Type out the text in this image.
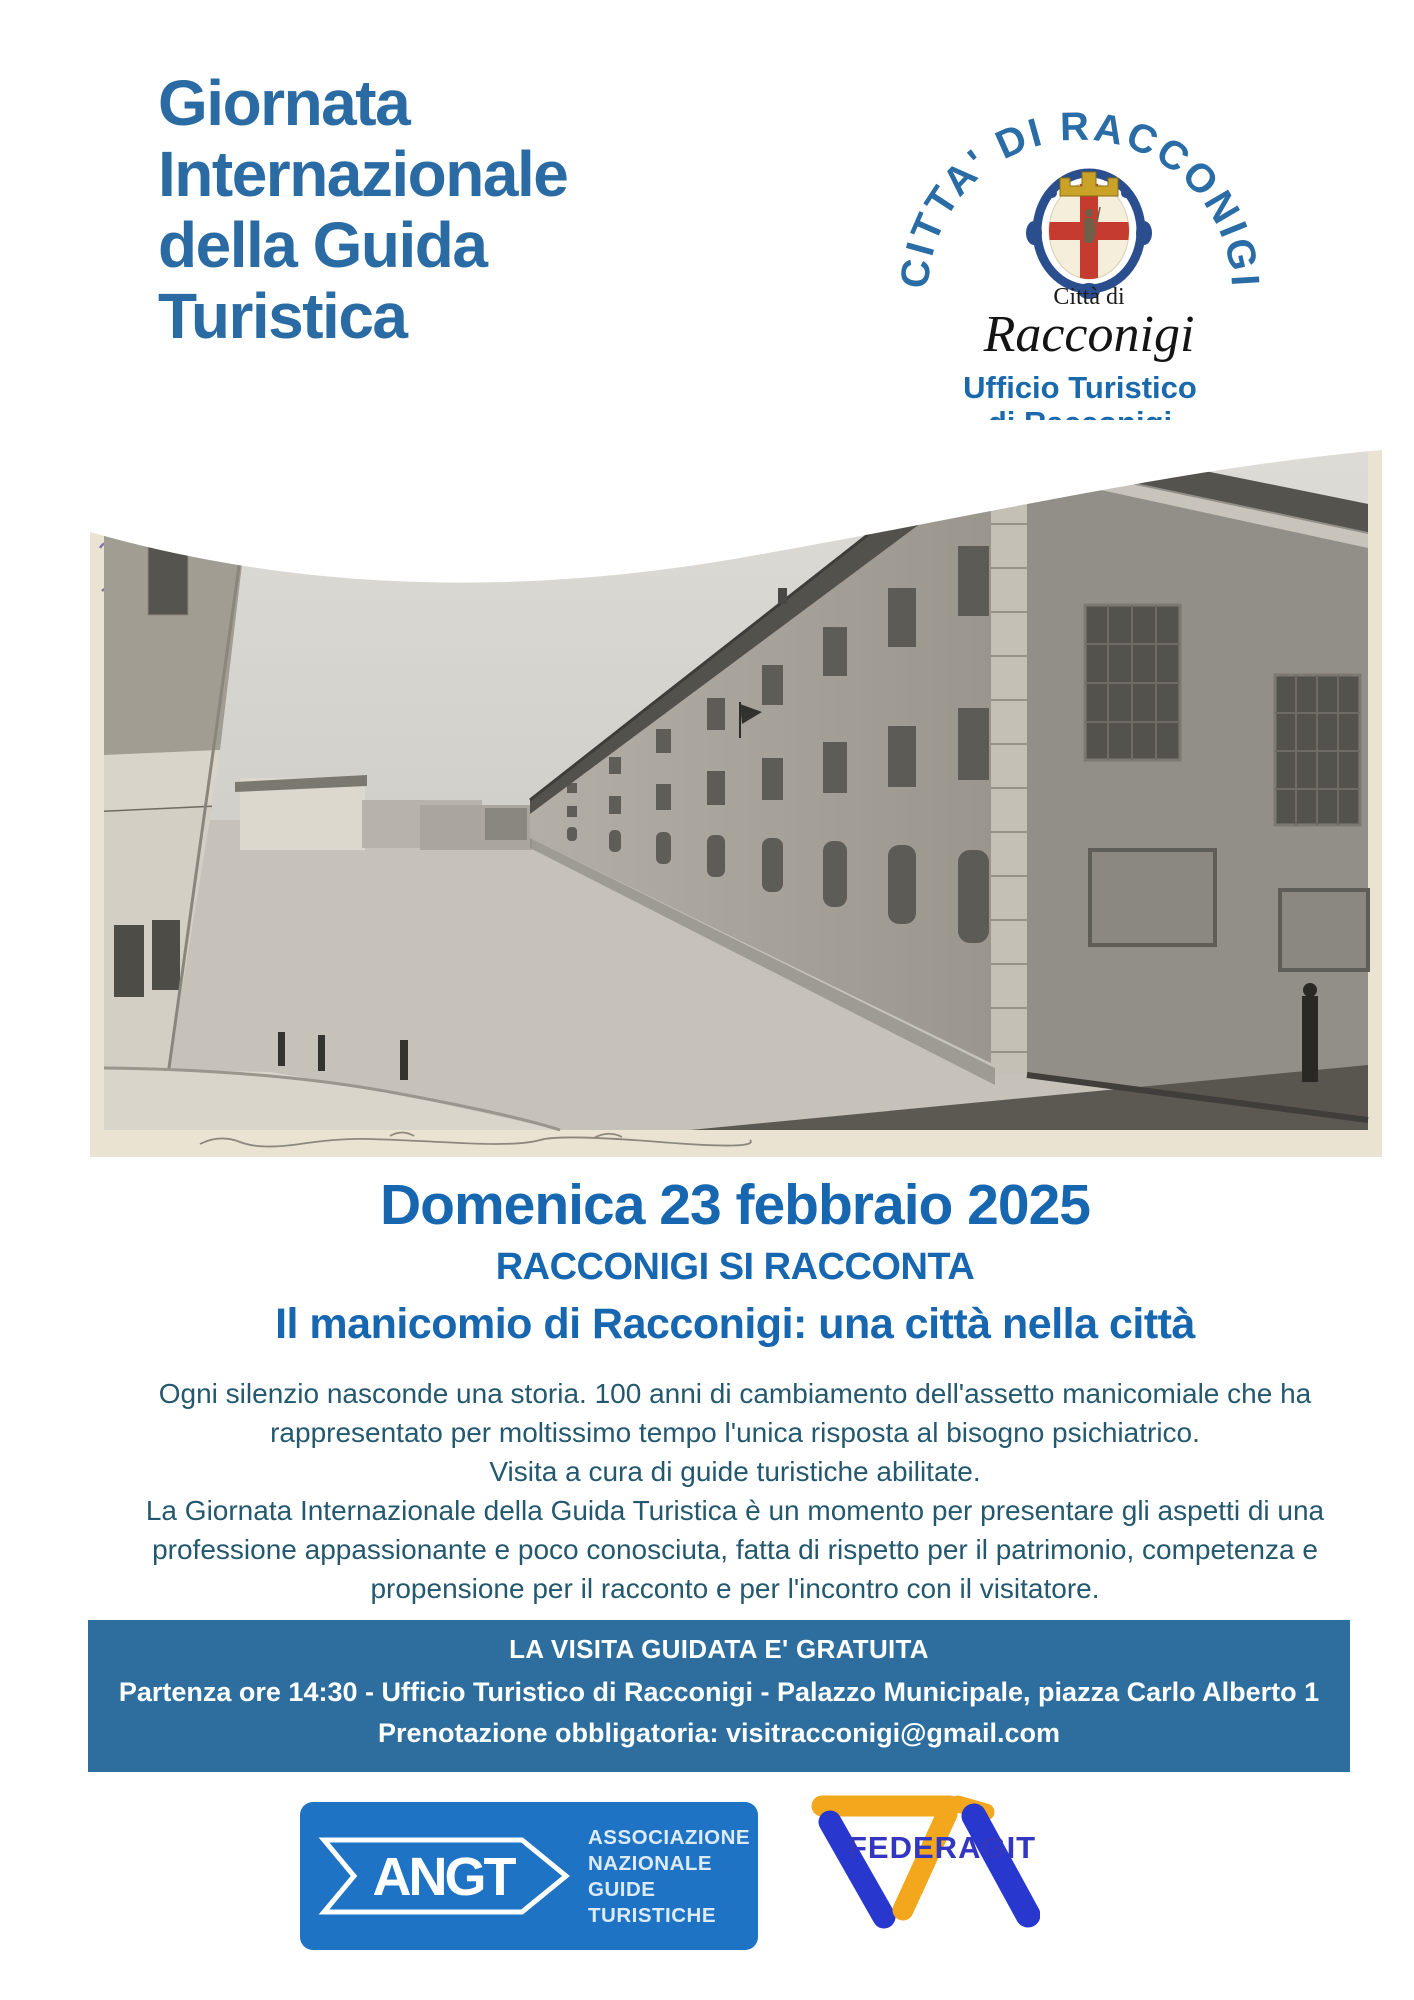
Giornata
Internazionale
della Guida
Turistica
CITTA' DI RACCONIGI
Città di
Racconigi
Ufficio Turistico
Domenica 23 febbraio 2025
RACCONIGI SI RACCONTA
Il manicomio di Racconigi: una città nella città
Ogni silenzio nasconde una storia. 100 anni di cambiamento dell'assetto manicomiale che ha
rappresentato per moltissimo tempo l'unica risposta al bisogno psichiatrico.
Visita a cura di guide turistiche abilitate.
La Giornata Internazionale della Guida Turistica è un momento per presentare gli aspetti di una
professione appassionante e poco conosciuta, fatta di rispetto per il patrimonio, competenza e
propensione per il racconto e per l'incontro con il visitatore.
LA VISITA GUIDATA E' GRATUITA
Partenza ore 14:30 - Ufficio Turistico di Racconigi - Palazzo Municipale, piazza Carlo Alberto 1
Prenotazione obbligatoria: visitracconigi@gmail.com
ANGT
ASSOCIAZIONE
NAZIONALE
GUIDE
TURISTICHE
FEDERAGIT
